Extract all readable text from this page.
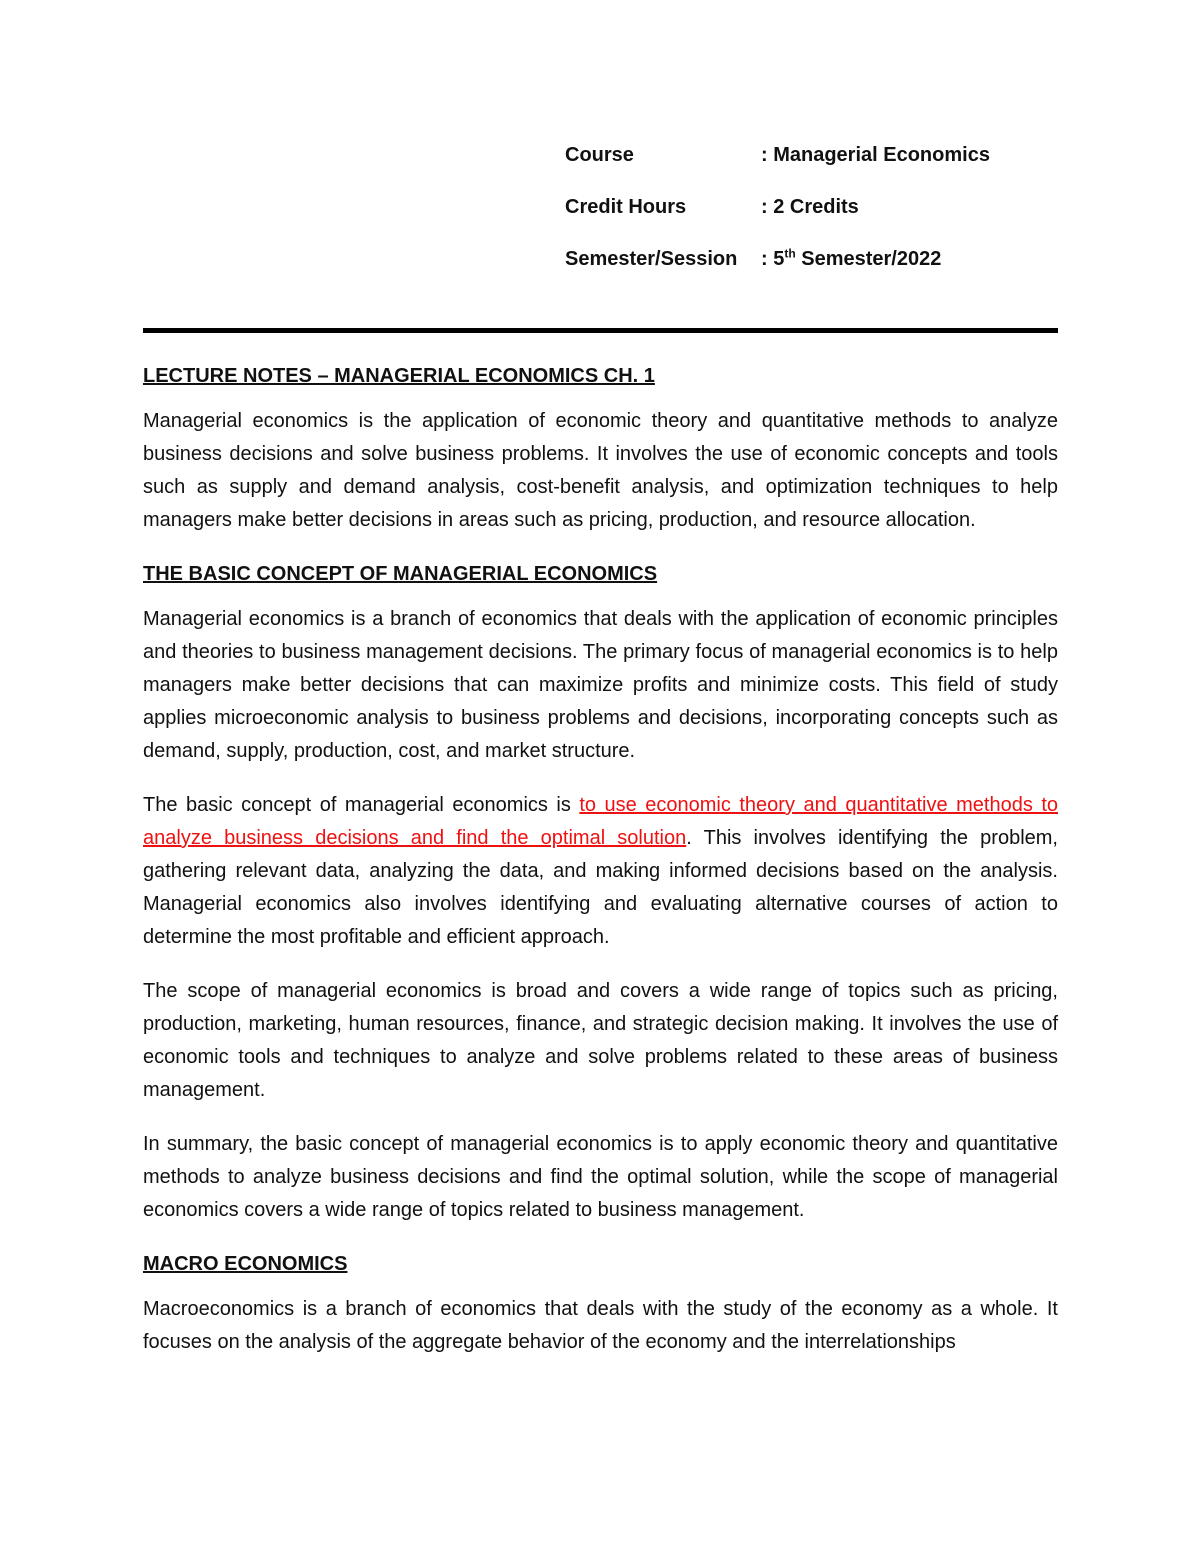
Course	: Managerial Economics
Credit Hours	: 2 Credits
Semester/Session	: 5th Semester/2022
LECTURE NOTES – MANAGERIAL ECONOMICS CH. 1

Managerial economics is the application of economic theory and quantitative methods to analyze business decisions and solve business problems. It involves the use of economic concepts and tools such as supply and demand analysis, cost-benefit analysis, and optimization techniques to help managers make better decisions in areas such as pricing, production, and resource allocation.

THE BASIC CONCEPT OF MANAGERIAL ECONOMICS

Managerial economics is a branch of economics that deals with the application of economic principles and theories to business management decisions. The primary focus of managerial economics is to help managers make better decisions that can maximize profits and minimize costs. This field of study applies microeconomic analysis to business problems and decisions, incorporating concepts such as demand, supply, production, cost, and market structure.

The basic concept of managerial economics is to use economic theory and quantitative methods to analyze business decisions and find the optimal solution. This involves identifying the problem, gathering relevant data, analyzing the data, and making informed decisions based on the analysis. Managerial economics also involves identifying and evaluating alternative courses of action to determine the most profitable and efficient approach.

The scope of managerial economics is broad and covers a wide range of topics such as pricing, production, marketing, human resources, finance, and strategic decision making. It involves the use of economic tools and techniques to analyze and solve problems related to these areas of business management.

In summary, the basic concept of managerial economics is to apply economic theory and quantitative methods to analyze business decisions and find the optimal solution, while the scope of managerial economics covers a wide range of topics related to business management.

MACRO ECONOMICS

Macroeconomics is a branch of economics that deals with the study of the economy as a whole. It focuses on the analysis of the aggregate behavior of the economy and the interrelationships
